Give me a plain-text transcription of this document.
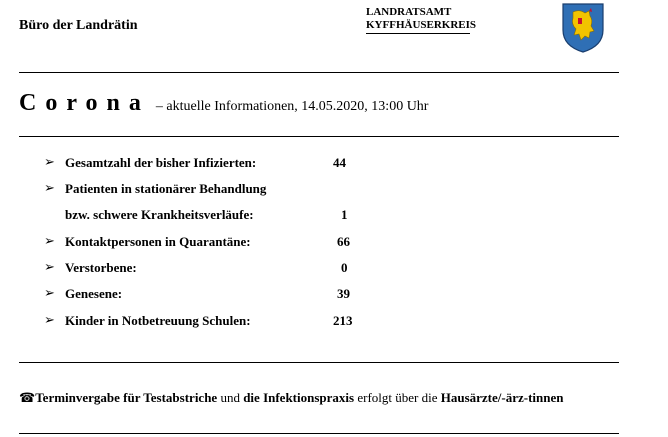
Büro der Landrätin
LANDRATSAMT
KYFFHÄUSERKREIS
Corona – aktuelle Informationen, 14.05.2020, 13:00 Uhr
➢ Gesamtzahl der bisher Infizierten:	44
➢ Patienten in stationärer Behandlung
bzw. schwere Krankheitsverläufe:	1
➢ Kontaktpersonen in Quarantäne:	66
➢ Verstorbene:	0
➢ Genesene:	39
➢ Kinder in Notbetreuung Schulen:	213
☎Terminvergabe für Testabstriche und die Infektionspraxis erfolgt über die Hausärzte/-ärz-tinnen
